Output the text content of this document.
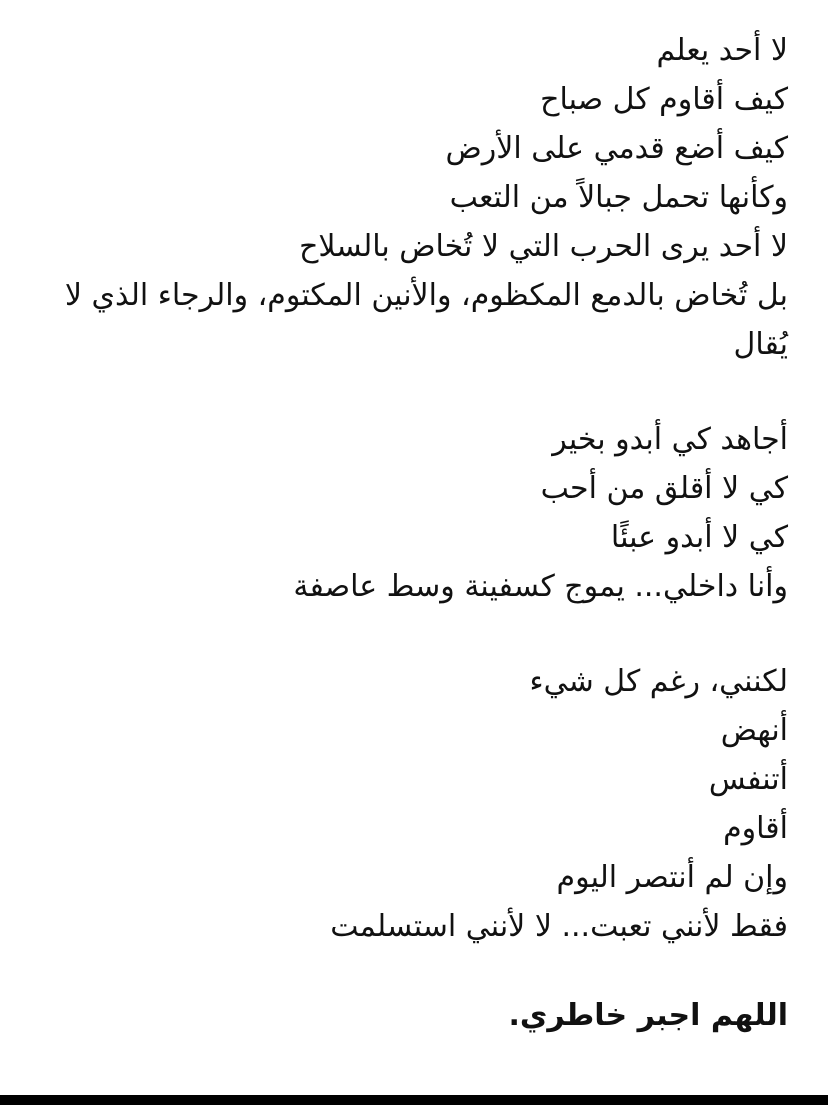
لا أحد يعلم
كيف أقاوم كل صباح
كيف أضع قدمي على الأرض
وكأنها تحمل جبالاً من التعب
لا أحد يرى الحرب التي لا تُخاض بالسلاح
بل تُخاض بالدمع المكظوم، والأنين المكتوم، والرجاء الذي لا يُقال
أجاهد كي أبدو بخير
كي لا أقلق من أحب
كي لا أبدو عبئًا
وأنا داخلي... يموج كسفينة وسط عاصفة
لكنني، رغم كل شيء
أنهض
أتنفس
أقاوم
وإن لم أنتصر اليوم
فقط لأنني تعبت... لا لأنني استسلمت
اللهم اجبر خاطري.
